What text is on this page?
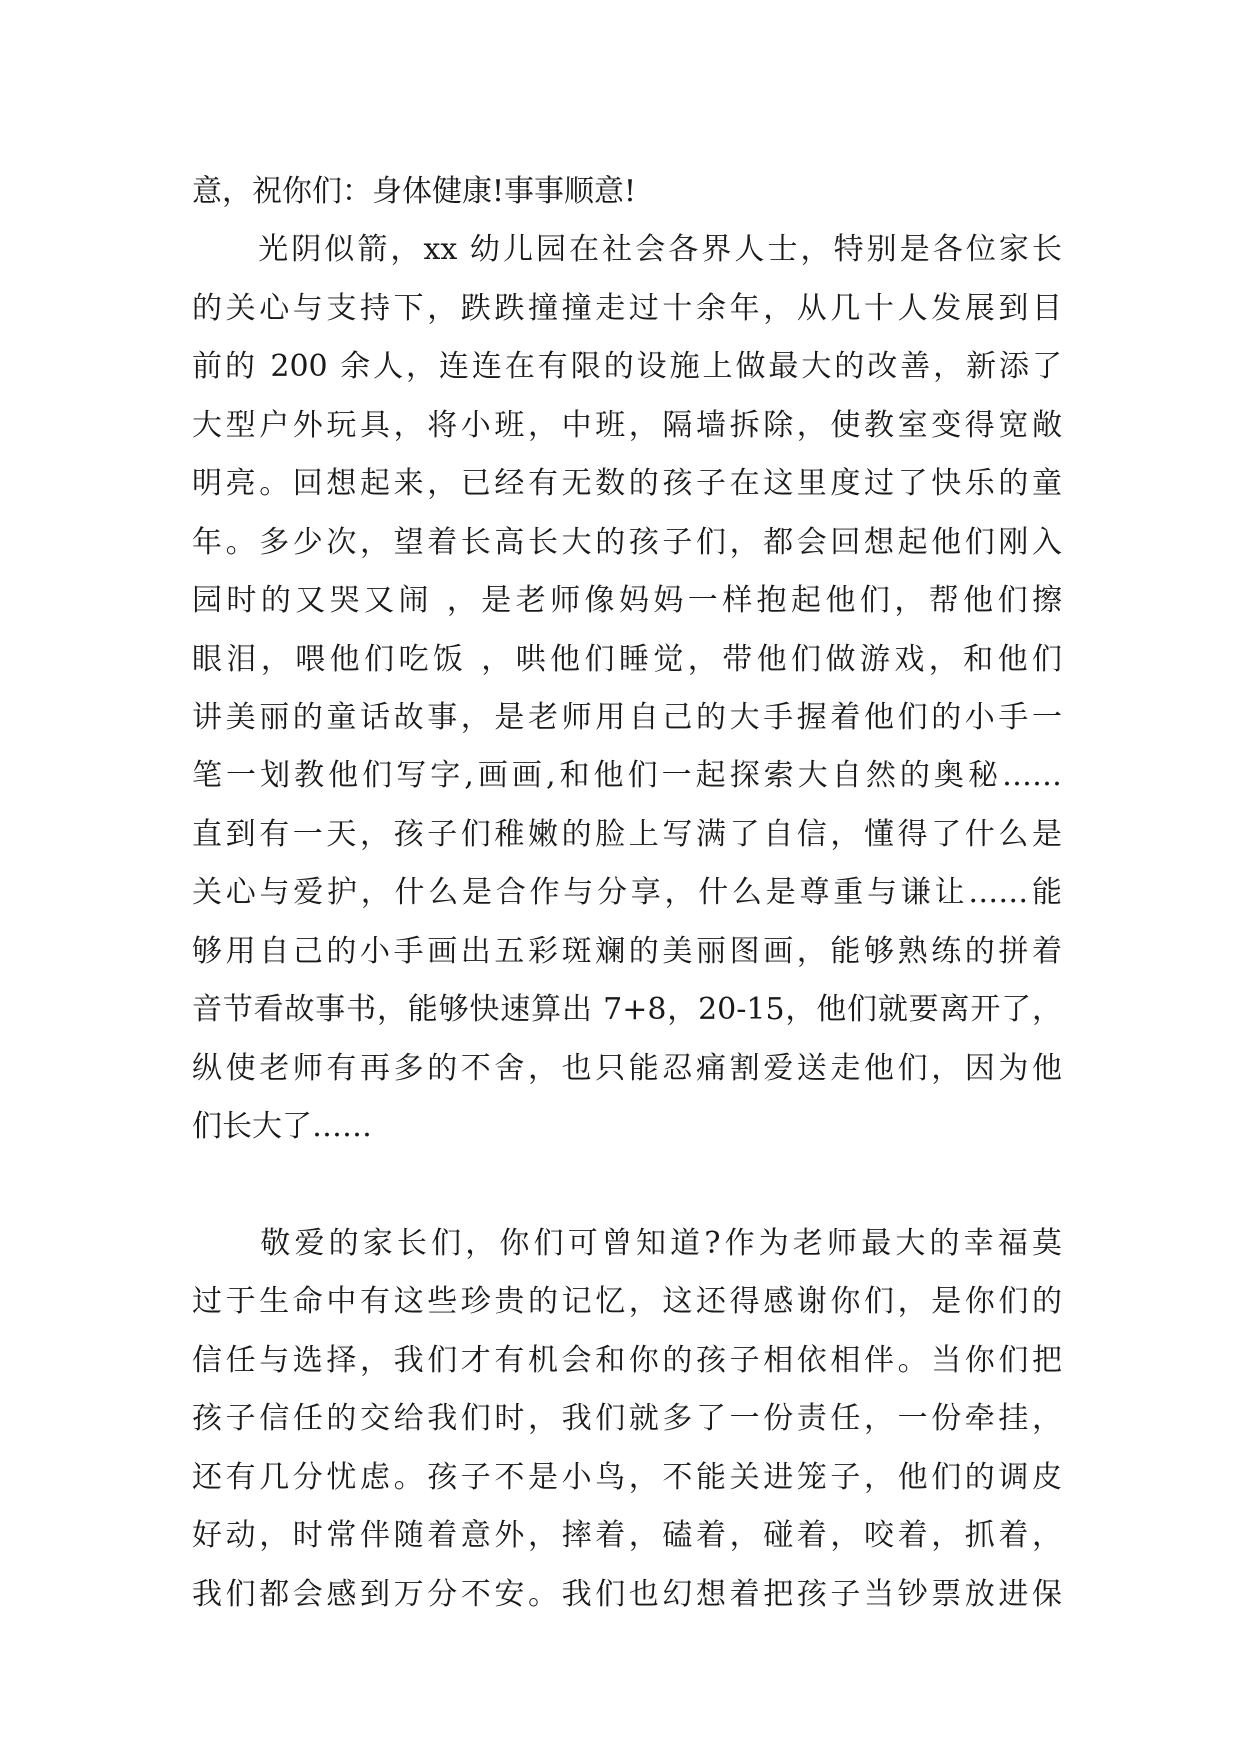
意，祝你们：身体健康!事事顺意!
　　光阴似箭，xx 幼儿园在社会各界人士，特别是各位家长
的关心与支持下，跌跌撞撞走过十余年，从几十人发展到目
前的 200 余人，连连在有限的设施上做最大的改善，新添了
大型户外玩具，将小班，中班，隔墙拆除，使教室变得宽敞
明亮。回想起来，已经有无数的孩子在这里度过了快乐的童
年。多少次，望着长高长大的孩子们，都会回想起他们刚入
园时的又哭又闹 ，是老师像妈妈一样抱起他们，帮他们擦
眼泪，喂他们吃饭 ，哄他们睡觉，带他们做游戏，和他们
讲美丽的童话故事，是老师用自己的大手握着他们的小手一
笔一划教他们写字,画画,和他们一起探索大自然的奥秘……
直到有一天，孩子们稚嫩的脸上写满了自信，懂得了什么是
关心与爱护，什么是合作与分享，什么是尊重与谦让……能
够用自己的小手画出五彩斑斓的美丽图画，能够熟练的拼着
音节看故事书，能够快速算出 7+8，20-15，他们就要离开了，
纵使老师有再多的不舍，也只能忍痛割爱送走他们，因为他
们长大了……
　　敬爱的家长们，你们可曾知道?作为老师最大的幸福莫
过于生命中有这些珍贵的记忆，这还得感谢你们，是你们的
信任与选择，我们才有机会和你的孩子相依相伴。当你们把
孩子信任的交给我们时，我们就多了一份责任，一份牵挂，
还有几分忧虑。孩子不是小鸟，不能关进笼子，他们的调皮
好动，时常伴随着意外，摔着，磕着，碰着，咬着，抓着，
我们都会感到万分不安。我们也幻想着把孩子当钞票放进保
